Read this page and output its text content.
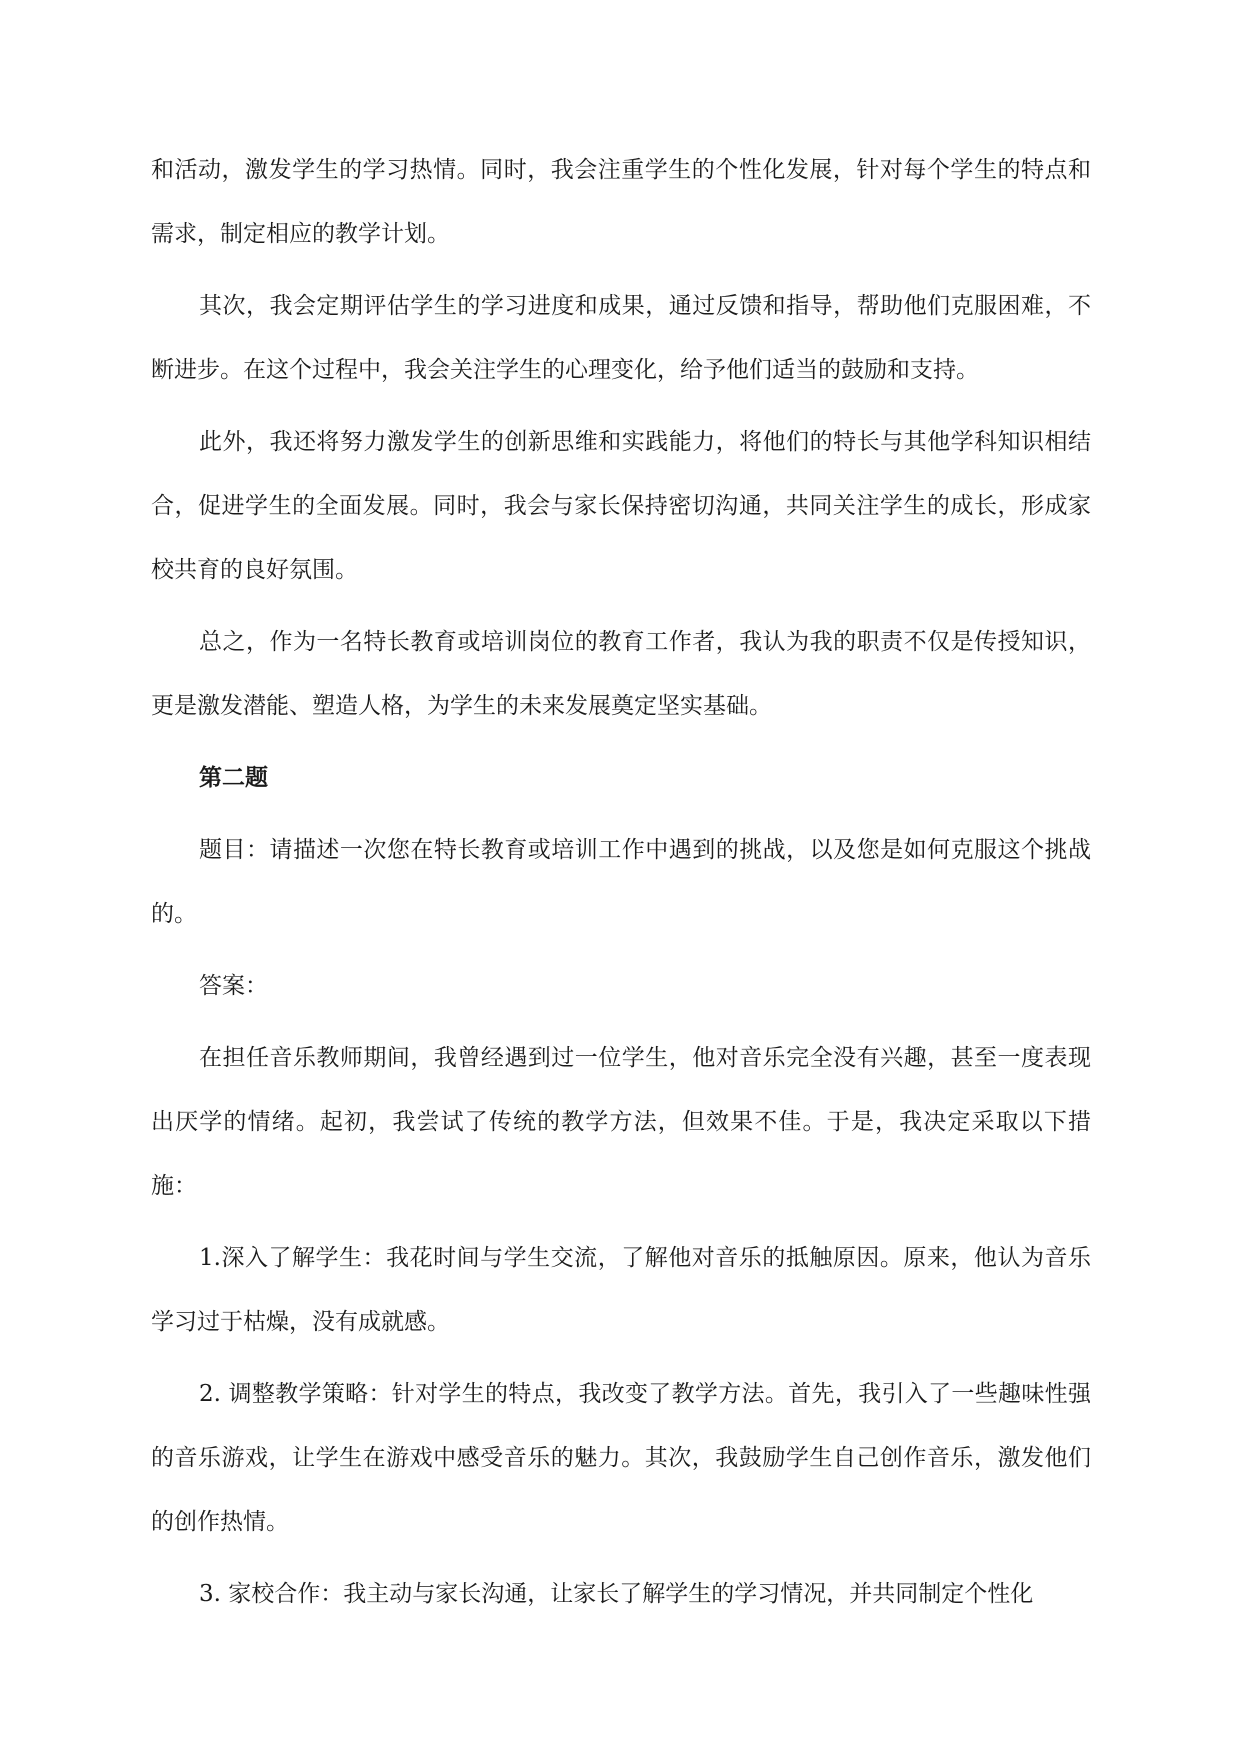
和活动，激发学生的学习热情。同时，我会注重学生的个性化发展，针对每个学生的特点和需求，制定相应的教学计划。

其次，我会定期评估学生的学习进度和成果，通过反馈和指导，帮助他们克服困难，不断进步。在这个过程中，我会关注学生的心理变化，给予他们适当的鼓励和支持。

此外，我还将努力激发学生的创新思维和实践能力，将他们的特长与其他学科知识相结合，促进学生的全面发展。同时，我会与家长保持密切沟通，共同关注学生的成长，形成家校共育的良好氛围。

总之，作为一名特长教育或培训岗位的教育工作者，我认为我的职责不仅是传授知识，更是激发潜能、塑造人格，为学生的未来发展奠定坚实基础。

第二题

题目：请描述一次您在特长教育或培训工作中遇到的挑战，以及您是如何克服这个挑战的。

答案：

在担任音乐教师期间，我曾经遇到过一位学生，他对音乐完全没有兴趣，甚至一度表现出厌学的情绪。起初，我尝试了传统的教学方法，但效果不佳。于是，我决定采取以下措施：

1.深入了解学生：我花时间与学生交流，了解他对音乐的抵触原因。原来，他认为音乐学习过于枯燥，没有成就感。

2. 调整教学策略：针对学生的特点，我改变了教学方法。首先，我引入了一些趣味性强的音乐游戏，让学生在游戏中感受音乐的魅力。其次，我鼓励学生自己创作音乐，激发他们的创作热情。

3. 家校合作：我主动与家长沟通，让家长了解学生的学习情况，并共同制定个性化
